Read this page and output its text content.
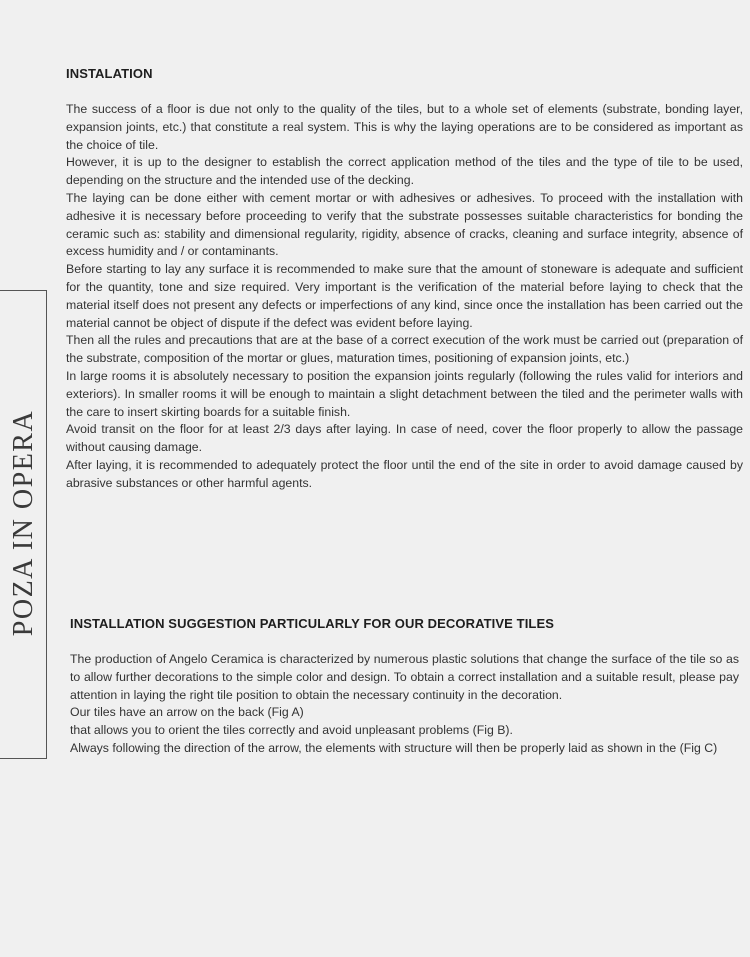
POZA IN OPERA
INSTALATION

The success of a floor is due not only to the quality of the tiles, but to a whole set of elements (substrate, bonding layer, expansion joints, etc.) that constitute a real system. This is why the laying operations are to be considered as important as the choice of tile.

However, it is up to the designer to establish the correct application method of the tiles and the type of tile to be used, depending on the structure and the intended use of the decking.

The laying can be done either with cement mortar or with adhesives or adhesives. To proceed with the installation with adhesive it is necessary before proceeding to verify that the substrate possesses suitable characteristics for bonding the ceramic such as: stability and dimensional regularity, rigidity, absence of cracks, cleaning and surface integrity, absence of excess humidity and / or contaminants.

Before starting to lay any surface it is recommended to make sure that the amount of stoneware is adequate and sufficient for the quantity, tone and size required. Very important is the verification of the material before laying to check that the material itself does not present any defects or imperfections of any kind, since once the installation has been carried out the material cannot be object of dispute if the defect was evident before laying.

Then all the rules and precautions that are at the base of a correct execution of the work must be carried out (preparation of the substrate, composition of the mortar or glues, maturation times, positioning of expansion joints, etc.)

In large rooms it is absolutely necessary to position the expansion joints regularly (following the rules valid for interiors and exteriors). In smaller rooms it will be enough to maintain a slight detachment between the tiled and the perimeter walls with the care to insert skirting boards for a suitable finish.

Avoid transit on the floor for at least 2/3 days after laying. In case of need, cover the floor properly to allow the passage without causing damage.

After laying, it is recommended to adequately protect the floor until the end of the site in order to avoid damage caused by abrasive substances or other harmful agents.

INSTALLATION SUGGESTION PARTICULARLY FOR OUR DECORATIVE TILES

The production of Angelo Ceramica is characterized by numerous plastic solutions that change the surface of the tile so as to allow further decorations to the simple color and design. To obtain a correct installation and a suitable result, please pay attention in laying the right tile position to obtain the necessary continuity in the decoration.

Our tiles have an arrow on the back (Fig A)

that allows you to orient the tiles correctly and avoid unpleasant problems (Fig B).

Always following the direction of the arrow, the elements with structure will then be properly laid as shown in the (Fig C)
